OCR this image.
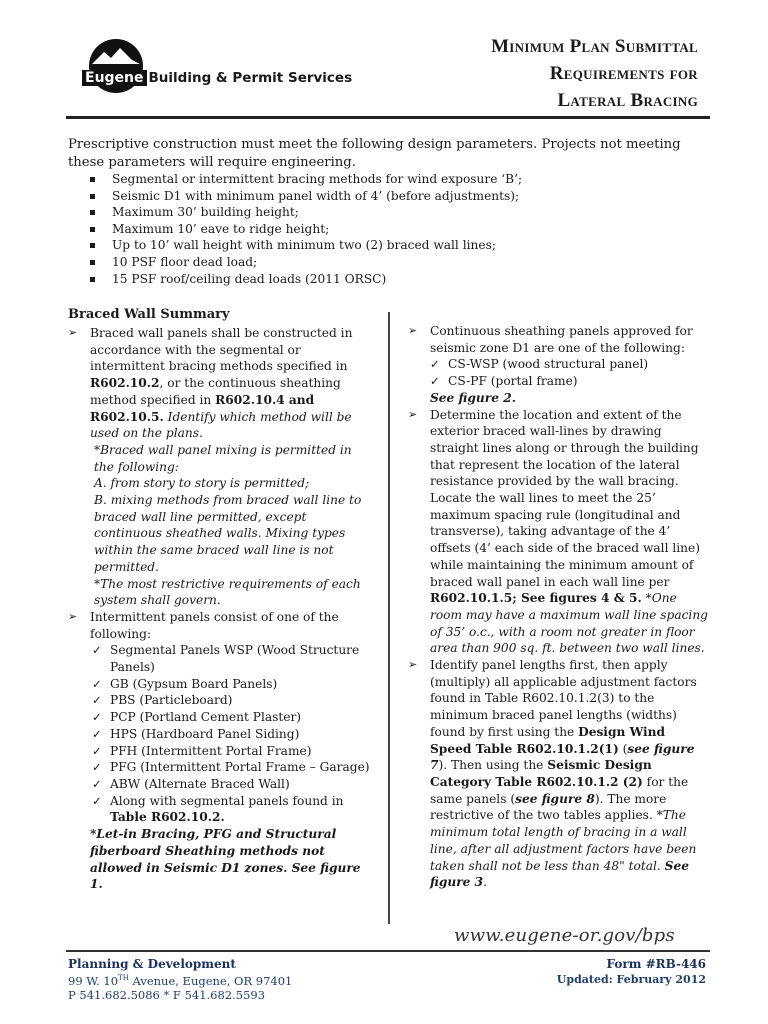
Eugene Building & Permit Services
Minimum Plan Submittal
Requirements for
Lateral Bracing
Prescriptive construction must meet the following design parameters. Projects not meeting these parameters will require engineering.
Segmental or intermittent bracing methods for wind exposure ‘B’;
Seismic D1 with minimum panel width of 4’ (before adjustments);
Maximum 30’ building height;
Maximum 10’ eave to ridge height;
Up to 10’ wall height with minimum two (2) braced wall lines;
10 PSF floor dead load;
15 PSF roof/ceiling dead loads (2011 ORSC)
Braced Wall Summary

➢ Braced wall panels shall be constructed in accordance with the segmental or intermittent bracing methods specified in R602.10.2, or the continuous sheathing method specified in R602.10.4 and R602.10.5. Identify which method will be used on the plans.

*Braced wall panel mixing is permitted in the following:

A. from story to story is permitted;

B. mixing methods from braced wall line to braced wall line permitted, except continuous sheathed walls. Mixing types within the same braced wall line is not permitted.

*The most restrictive requirements of each system shall govern.

➢ Intermittent panels consist of one of the following:

✓ Segmental Panels WSP (Wood Structure Panels)
✓ GB (Gypsum Board Panels)
✓ PBS (Particleboard)
✓ PCP (Portland Cement Plaster)
✓ HPS (Hardboard Panel Siding)
✓ PFH (Intermittent Portal Frame)
✓ PFG (Intermittent Portal Frame – Garage)
✓ ABW (Alternate Braced Wall)
✓ Along with segmental panels found in Table R602.10.2.

*Let-in Bracing, PFG and Structural fiberboard Sheathing methods not allowed in Seismic D1 zones. See figure 1.

➢ Continuous sheathing panels approved for seismic zone D1 are one of the following:

✓ CS-WSP (wood structural panel)
✓ CS-PF (portal frame)

See figure 2.

➢ Determine the location and extent of the exterior braced wall-lines by drawing straight lines along or through the building that represent the location of the lateral resistance provided by the wall bracing. Locate the wall lines to meet the 25’ maximum spacing rule (longitudinal and transverse), taking advantage of the 4’ offsets (4’ each side of the braced wall line) while maintaining the minimum amount of braced wall panel in each wall line per R602.10.1.5; See figures 4 & 5. *One room may have a maximum wall line spacing of 35’ o.c., with a room not greater in floor area than 900 sq. ft. between two wall lines.

➢ Identify panel lengths first, then apply (multiply) all applicable adjustment factors found in Table R602.10.1.2(3) to the minimum braced panel lengths (widths) found by first using the Design Wind Speed Table R602.10.1.2(1) (see figure 7). Then using the Seismic Design Category Table R602.10.1.2 (2) for the same panels (see figure 8). The more restrictive of the two tables applies. *The minimum total length of bracing in a wall line, after all adjustment factors have been taken shall not be less than 48" total. See figure 3.

www.eugene-or.gov/bps
Planning & Development
99 W. 10TH Avenue, Eugene, OR 97401
P 541.682.5086 * F 541.682.5593
Form #RB-446
Updated: February 2012
